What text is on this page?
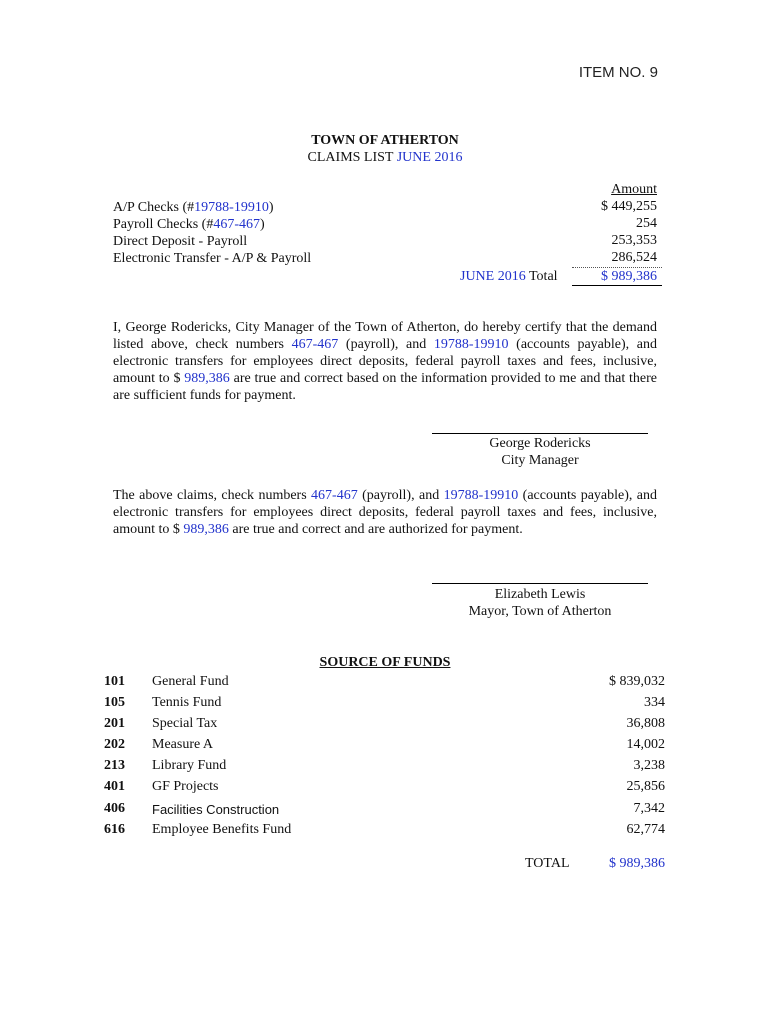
ITEM NO. 9
TOWN OF ATHERTON
CLAIMS LIST JUNE 2016
Amount
A/P Checks (#19788-19910)	$ 449,255
Payroll Checks (#467-467)	254
Direct Deposit - Payroll	253,353
Electronic Transfer - A/P & Payroll	286,524
JUNE 2016 Total	$ 989,386
I, George Rodericks, City Manager of the Town of Atherton, do hereby certify that the demand listed above, check numbers 467-467 (payroll), and 19788-19910 (accounts payable), and electronic transfers for employees direct deposits, federal payroll taxes and fees, inclusive, amount to $ 989,386 are true and correct based on the information provided to me and that there are sufficient funds for payment.
George Rodericks
City Manager
The above claims, check numbers 467-467 (payroll), and 19788-19910 (accounts payable), and electronic transfers for employees direct deposits, federal payroll taxes and fees, inclusive, amount to $ 989,386 are true and correct and are authorized for payment.
Elizabeth Lewis
Mayor, Town of Atherton
SOURCE OF FUNDS
101 General Fund	$ 839,032
105 Tennis Fund	334
201 Special Tax	36,808
202 Measure A	14,002
213 Library Fund	3,238
401 GF Projects	25,856
406 Facilities Construction	7,342
616 Employee Benefits Fund	62,774
TOTAL	$ 989,386
